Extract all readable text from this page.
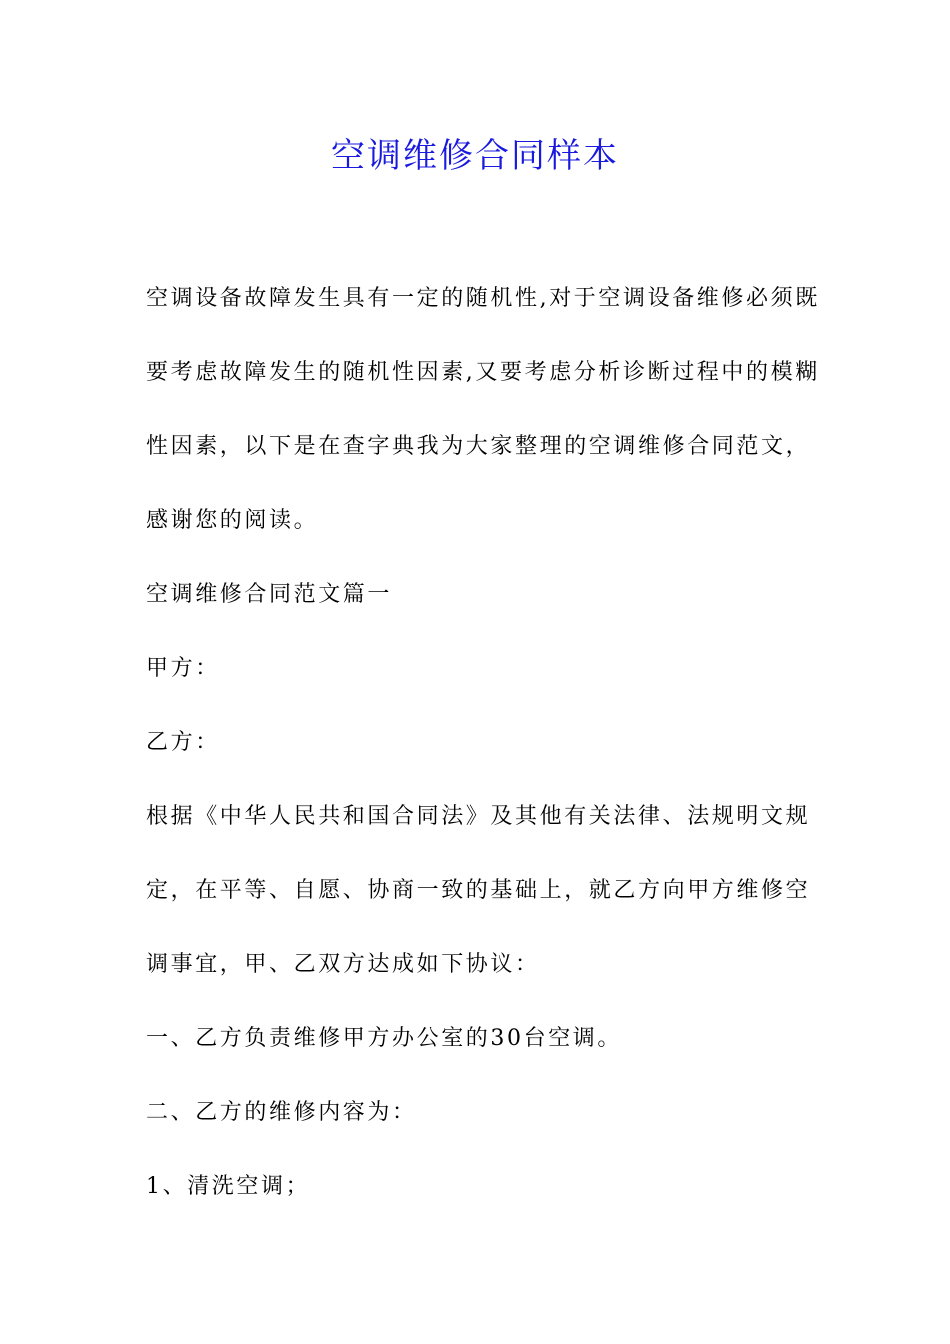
空调维修合同样本

空调设备故障发生具有一定的随机性,对于空调设备维修必须既

要考虑故障发生的随机性因素,又要考虑分析诊断过程中的模糊

性因素，以下是在查字典我为大家整理的空调维修合同范文，

感谢您的阅读。

空调维修合同范文篇一

甲方：

乙方：

根据《中华人民共和国合同法》及其他有关法律、法规明文规

定，在平等、自愿、协商一致的基础上，就乙方向甲方维修空

调事宜，甲、乙双方达成如下协议：

一、乙方负责维修甲方办公室的30台空调。

二、乙方的维修内容为：

1、清洗空调；
